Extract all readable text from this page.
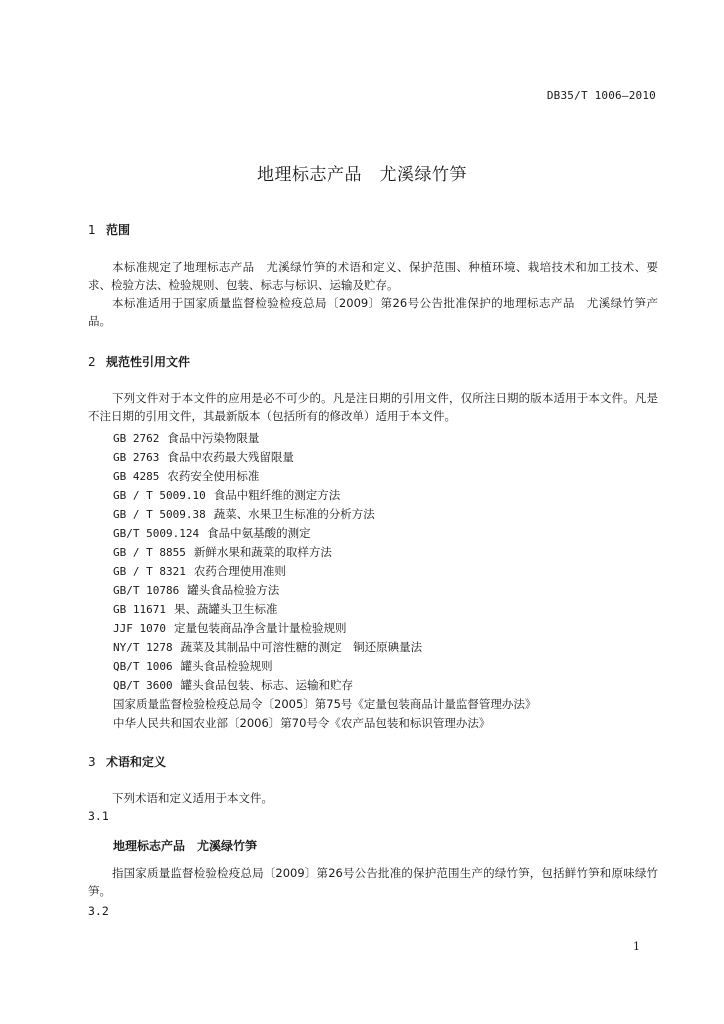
DB35/T 1006—2010
地理标志产品　尤溪绿竹笋
1 范围
本标准规定了地理标志产品　尤溪绿竹笋的术语和定义、保护范围、种植环境、栽培技术和加工技术、要求、检验方法、检验规则、包装、标志与标识、运输及贮存。
本标准适用于国家质量监督检验检疫总局〔2009〕第26号公告批准保护的地理标志产品　尤溪绿竹笋产品。
2 规范性引用文件
下列文件对于本文件的应用是必不可少的。凡是注日期的引用文件，仅所注日期的版本适用于本文件。凡是不注日期的引用文件，其最新版本（包括所有的修改单）适用于本文件。
GB 2762 食品中污染物限量
GB 2763 食品中农药最大残留限量
GB 4285 农药安全使用标准
GB / T 5009.10 食品中粗纤维的测定方法
GB / T 5009.38 蔬菜、水果卫生标准的分析方法
GB/T 5009.124 食品中氨基酸的测定
GB / T 8855 新鲜水果和蔬菜的取样方法
GB / T 8321 农药合理使用准则
GB/T 10786 罐头食品检验方法
GB 11671 果、蔬罐头卫生标准
JJF 1070 定量包装商品净含量计量检验规则
NY/T 1278 蔬菜及其制品中可溶性糖的测定　铜还原碘量法
QB/T 1006 罐头食品检验规则
QB/T 3600 罐头食品包装、标志、运输和贮存
国家质量监督检验检疫总局令〔2005〕第75号《定量包装商品计量监督管理办法》
中华人民共和国农业部〔2006〕第70号令《农产品包装和标识管理办法》
3 术语和定义
下列术语和定义适用于本文件。
3.1
地理标志产品　尤溪绿竹笋
指国家质量监督检验检疫总局〔2009〕第26号公告批准的保护范围生产的绿竹笋，包括鲜竹笋和原味绿竹笋。
3.2
1
